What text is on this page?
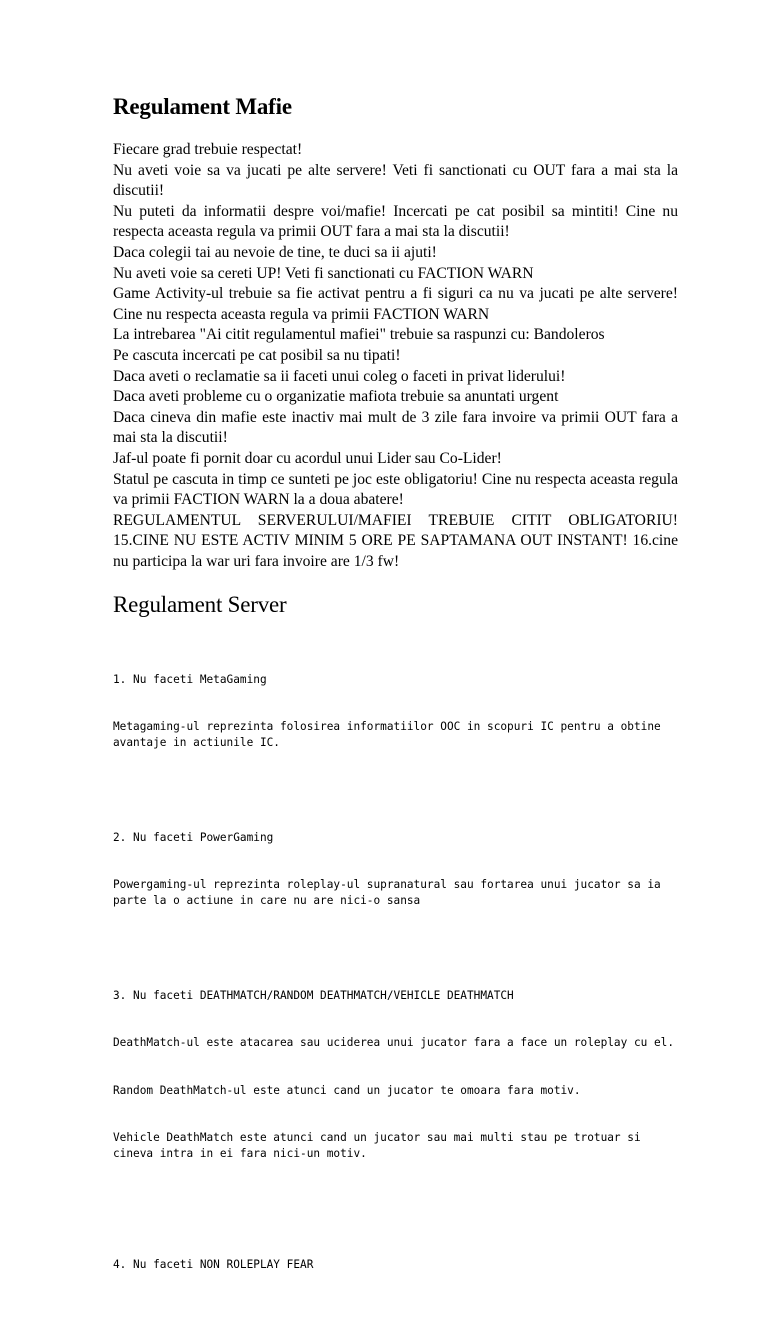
Regulament Mafie
Fiecare grad trebuie respectat!
Nu aveti voie sa va jucati pe alte servere! Veti fi sanctionati cu OUT fara a mai sta la discutii!
Nu puteti da informatii despre voi/mafie! Incercati pe cat posibil sa mintiti! Cine nu respecta aceasta regula va primii OUT fara a mai sta la discutii!
Daca colegii tai au nevoie de tine, te duci sa ii ajuti!
Nu aveti voie sa cereti UP! Veti fi sanctionati cu FACTION WARN
Game Activity-ul trebuie sa fie activat pentru a fi siguri ca nu va jucati pe alte servere! Cine nu respecta aceasta regula va primii FACTION WARN
La intrebarea "Ai citit regulamentul mafiei" trebuie sa raspunzi cu: Bandoleros
Pe cascuta incercati pe cat posibil sa nu tipati!
Daca aveti o reclamatie sa ii faceti unui coleg o faceti in privat liderului!
Daca aveti probleme cu o organizatie mafiota trebuie sa anuntati urgent
Daca cineva din mafie este inactiv mai mult de 3 zile fara invoire va primii OUT fara a mai sta la discutii!
Jaf-ul poate fi pornit doar cu acordul unui Lider sau Co-Lider!
Statul pe cascuta in timp ce sunteti pe joc este obligatoriu! Cine nu respecta aceasta regula va primii FACTION WARN la a doua abatere!
REGULAMENTUL SERVERULUI/MAFIEI TREBUIE CITIT OBLIGATORIU! 15.CINE NU ESTE ACTIV MINIM 5 ORE PE SAPTAMANA OUT INSTANT! 16.cine nu participa la war uri fara invoire are 1/3 fw!
Regulament Server

1. Nu faceti MetaGaming

Metagaming-ul reprezinta folosirea informatiilor OOC in scopuri IC pentru a obtine avantaje in actiunile IC.

2. Nu faceti PowerGaming

Powergaming-ul reprezinta roleplay-ul supranatural sau fortarea unui jucator sa ia parte la o actiune in care nu are nici-o sansa

3. Nu faceti DEATHMATCH/RANDOM DEATHMATCH/VEHICLE DEATHMATCH

DeathMatch-ul este atacarea sau uciderea unui jucator fara a face un roleplay cu el.

Random DeathMatch-ul este atunci cand un jucator te omoara fara motiv.

Vehicle DeathMatch este atunci cand un jucator sau mai multi stau pe trotuar si cineva intra in ei fara nici-un motiv.

4. Nu faceti NON ROLEPLAY FEAR
